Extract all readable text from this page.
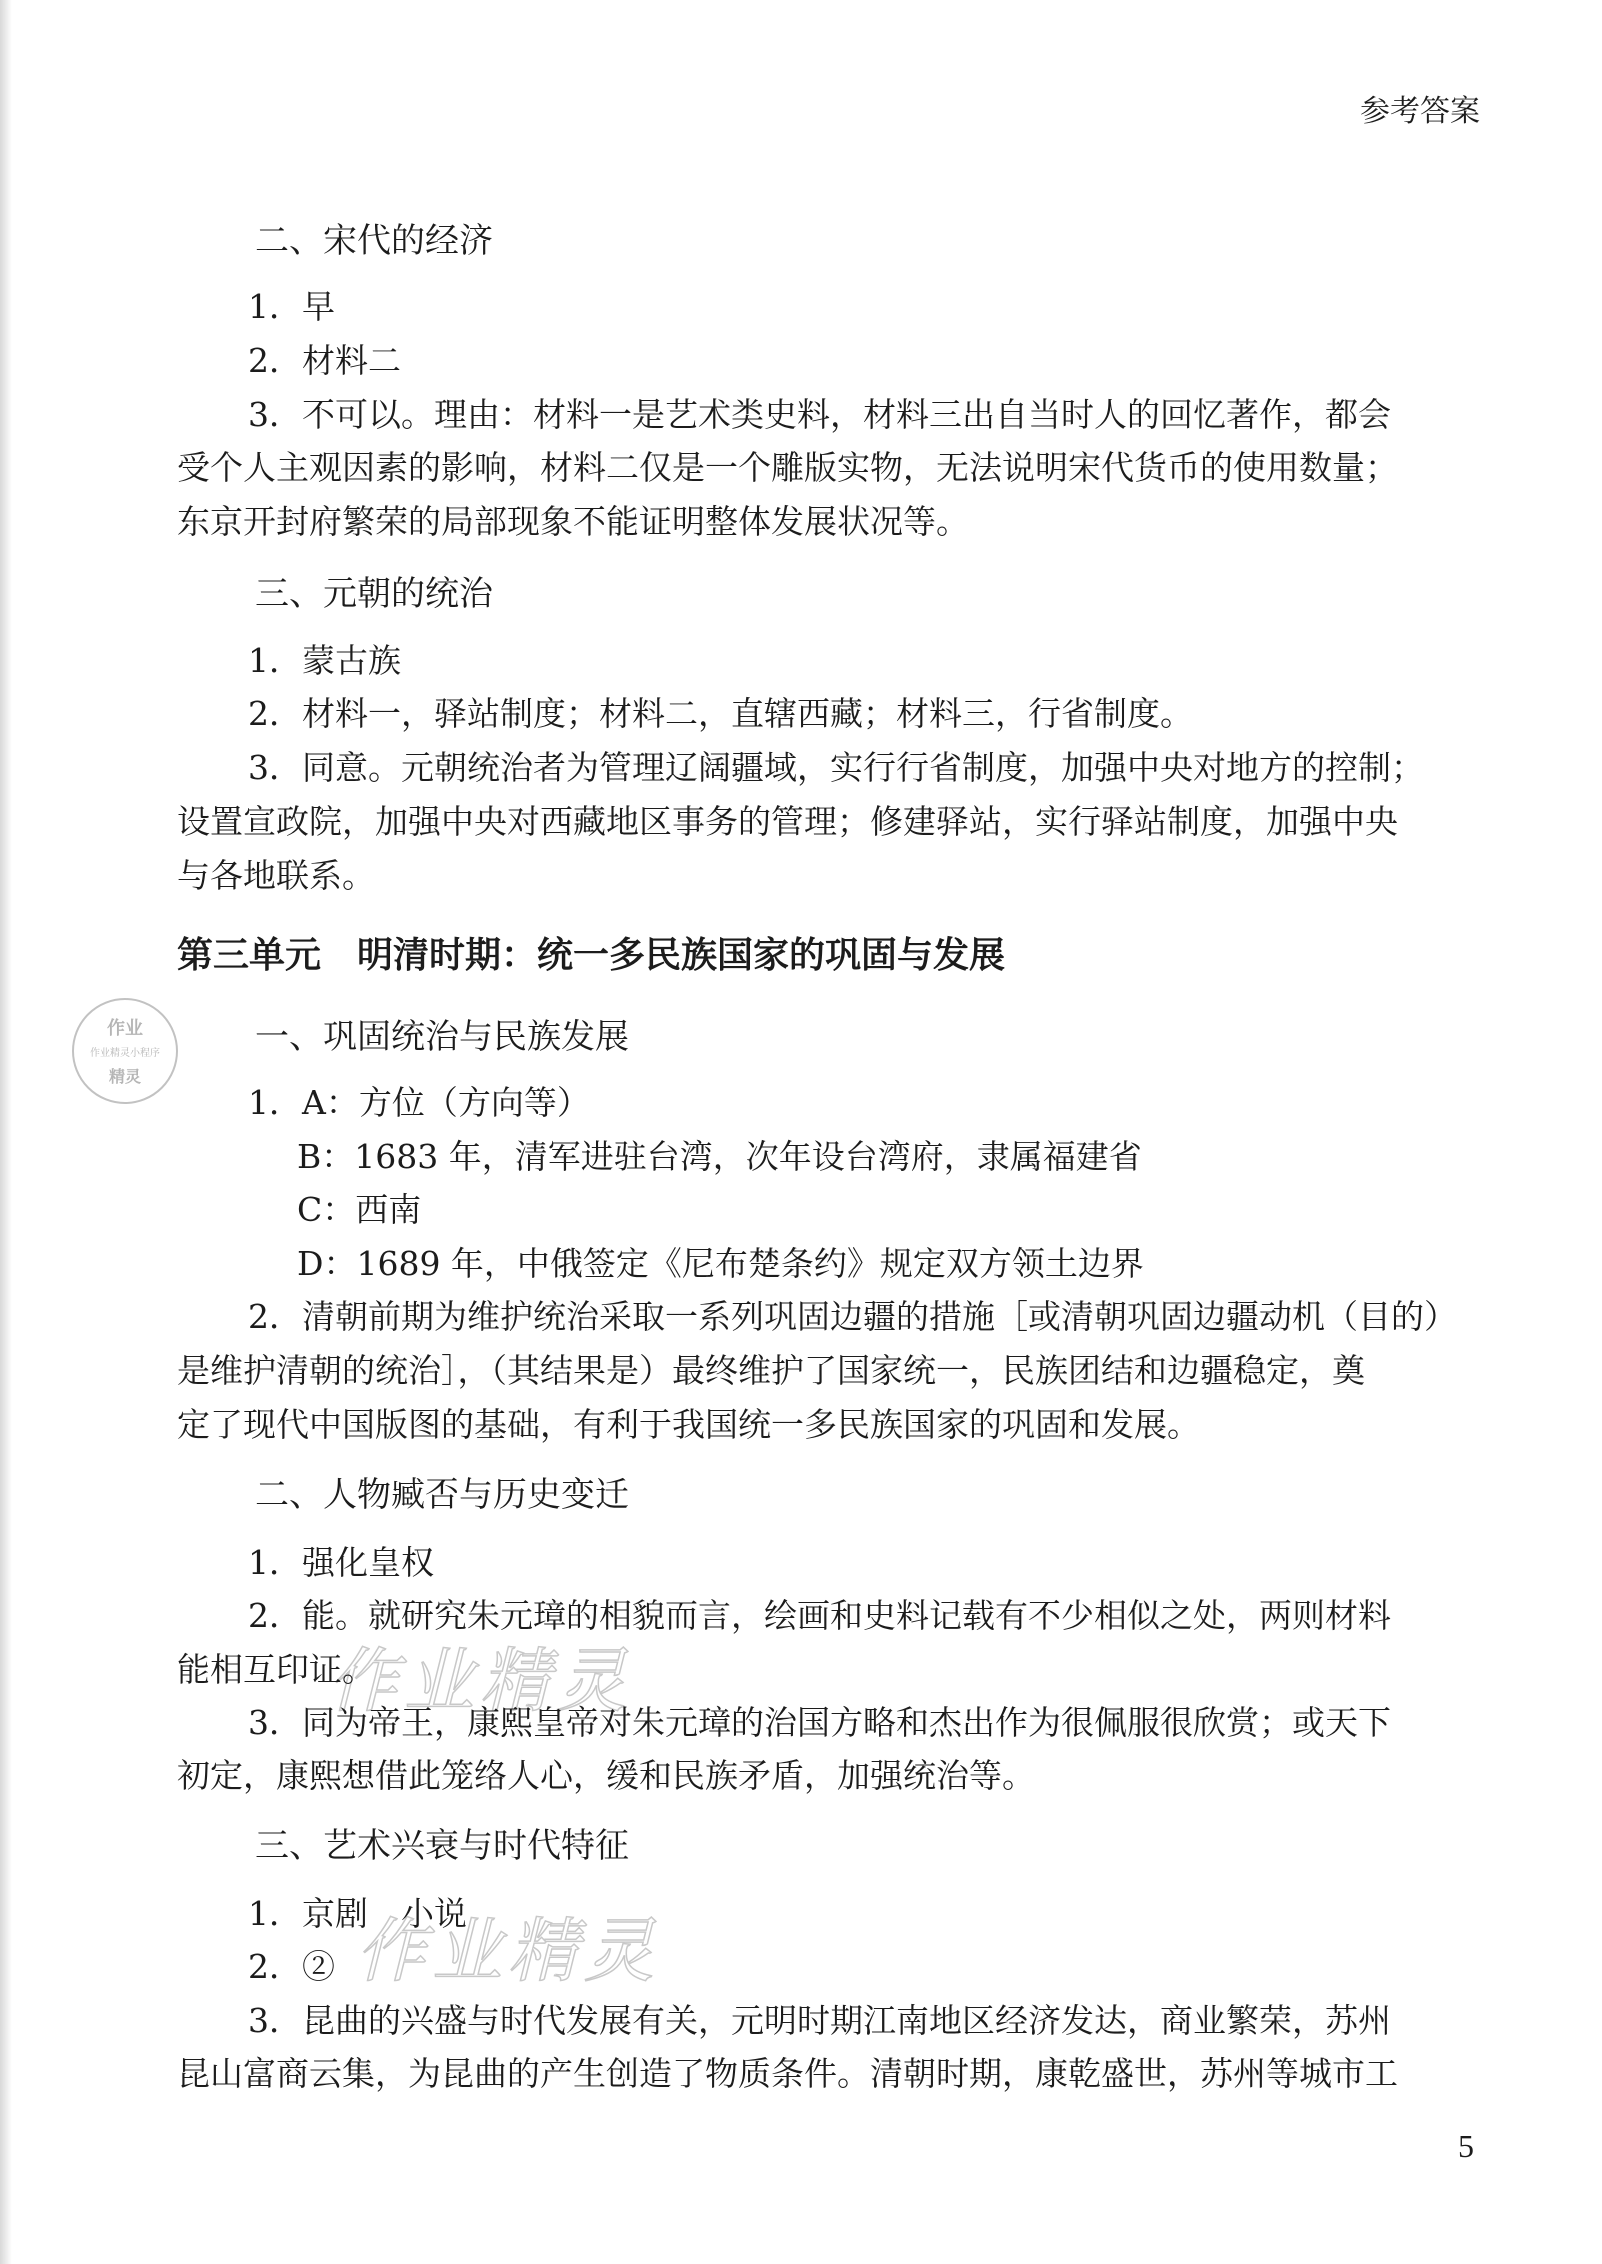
参考答案
作业
作业精灵小程序
精灵
作业精灵
作业精灵
二、宋代的经济
1．早
2．材料二
3．不可以。理由：材料一是艺术类史料，材料三出自当时人的回忆著作，都会
受个人主观因素的影响，材料二仅是一个雕版实物，无法说明宋代货币的使用数量；
东京开封府繁荣的局部现象不能证明整体发展状况等。
三、元朝的统治
1．蒙古族
2．材料一，驿站制度；材料二，直辖西藏；材料三，行省制度。
3．同意。元朝统治者为管理辽阔疆域，实行行省制度，加强中央对地方的控制；
设置宣政院，加强中央对西藏地区事务的管理；修建驿站，实行驿站制度，加强中央
与各地联系。
第三单元　明清时期：统一多民族国家的巩固与发展
一、巩固统治与民族发展
1．A：方位（方向等）
B：1683 年，清军进驻台湾，次年设台湾府，隶属福建省
C：西南
D：1689 年，中俄签定《尼布楚条约》规定双方领土边界
2．清朝前期为维护统治采取一系列巩固边疆的措施［或清朝巩固边疆动机（目的）
是维护清朝的统治］，（其结果是）最终维护了国家统一，民族团结和边疆稳定，奠
定了现代中国版图的基础，有利于我国统一多民族国家的巩固和发展。
二、人物臧否与历史变迁
1．强化皇权
2．能。就研究朱元璋的相貌而言，绘画和史料记载有不少相似之处，两则材料
能相互印证。
3．同为帝王，康熙皇帝对朱元璋的治国方略和杰出作为很佩服很欣赏；或天下
初定，康熙想借此笼络人心，缓和民族矛盾，加强统治等。
三、艺术兴衰与时代特征
1．京剧　小说
2．②
3．昆曲的兴盛与时代发展有关，元明时期江南地区经济发达，商业繁荣，苏州
昆山富商云集，为昆曲的产生创造了物质条件。清朝时期，康乾盛世，苏州等城市工
5
